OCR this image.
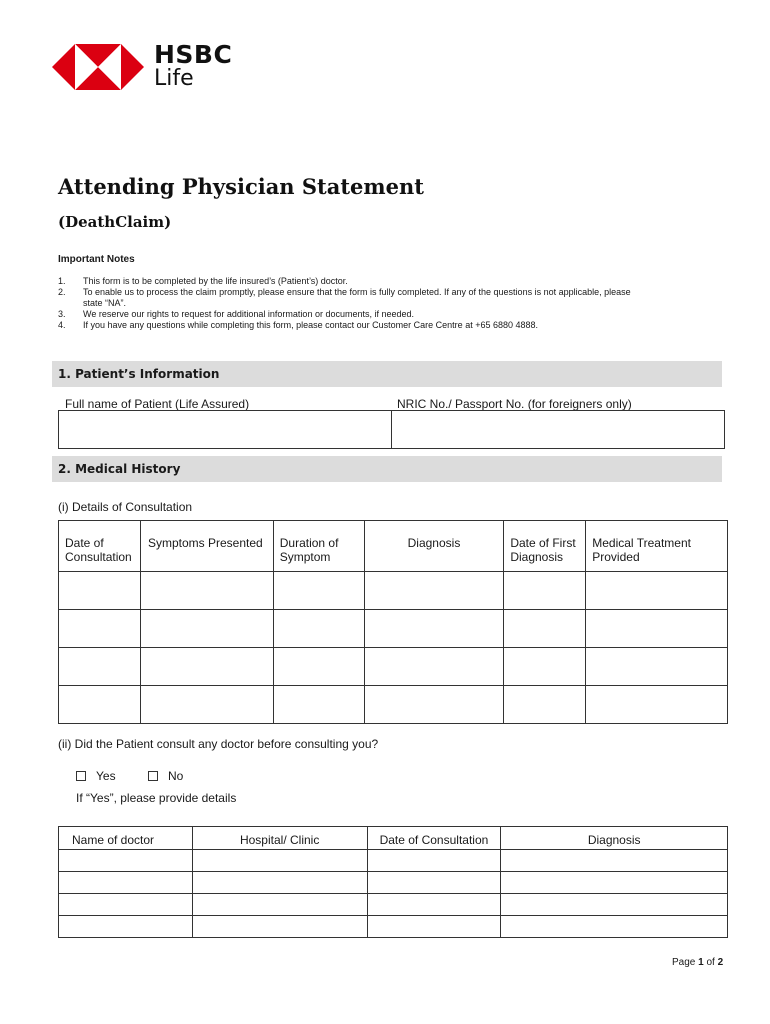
HSBC
Life
Attending Physician Statement
(DeathClaim)
Important Notes
1.	This form is to be completed by the life insured’s (Patient’s) doctor.
2.	To enable us to process the claim promptly, please ensure that the form is fully completed. If any of the questions is not applicable, please state “NA”.
3.	We reserve our rights to request for additional information or documents, if needed.
4.	If you have any questions while completing this form, please contact our Customer Care Centre at +65 6880 4888.
1. Patient’s Information
Full name of Patient (Life Assured)	NRIC No./ Passport No. (for foreigners only)

2. Medical History
(i) Details of Consultation
Date of Consultation	Symptoms Presented	Duration of Symptom	Diagnosis	Date of First Diagnosis	Medical Treatment Provided

(ii) Did the Patient consult any doctor before consulting you?
Yes	No
If “Yes”, please provide details
Name of doctor	Hospital/ Clinic	Date of Consultation	Diagnosis

Page 1 of 2
